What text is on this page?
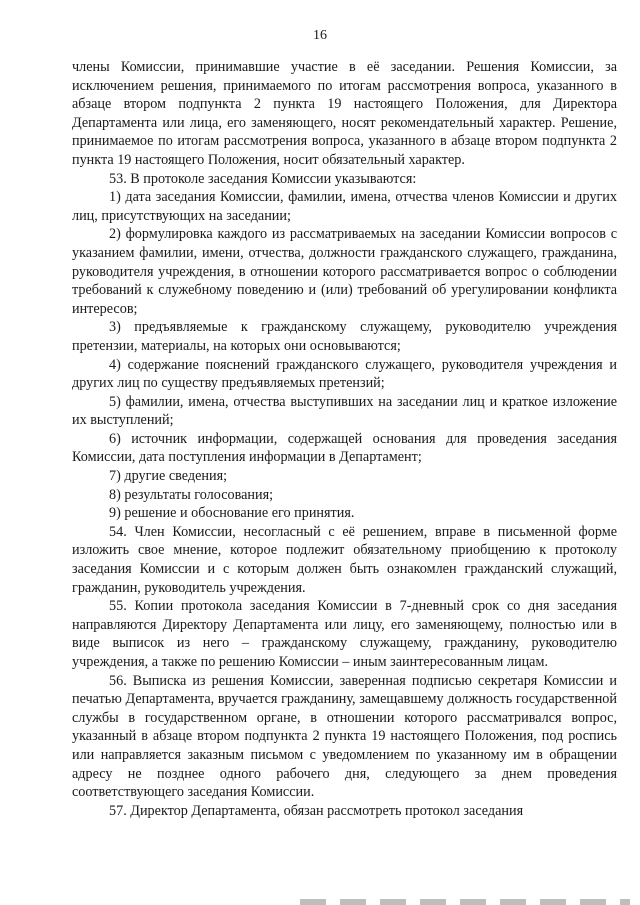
16

члены Комиссии, принимавшие участие в её заседании. Решения Комиссии, за исключением решения, принимаемого по итогам рассмотрения вопроса, указанного в абзаце втором подпункта 2 пункта 19 настоящего Положения, для Директора Департамента или лица, его заменяющего, носят рекомендательный характер. Решение, принимаемое по итогам рассмотрения вопроса, указанного в абзаце втором подпункта 2 пункта 19 настоящего Положения, носит обязательный характер.

53. В протоколе заседания Комиссии указываются:

1) дата заседания Комиссии, фамилии, имена, отчества членов Комиссии и других лиц, присутствующих на заседании;

2) формулировка каждого из рассматриваемых на заседании Комиссии вопросов с указанием фамилии, имени, отчества, должности гражданского служащего, гражданина, руководителя учреждения, в отношении которого рассматривается вопрос о соблюдении требований к служебному поведению и (или) требований об урегулировании конфликта интересов;

3) предъявляемые к гражданскому служащему, руководителю учреждения претензии, материалы, на которых они основываются;

4) содержание пояснений гражданского служащего, руководителя учреждения и других лиц по существу предъявляемых претензий;

5) фамилии, имена, отчества выступивших на заседании лиц и краткое изложение их выступлений;

6) источник информации, содержащей основания для проведения заседания Комиссии, дата поступления информации в Департамент;

7) другие сведения;

8) результаты голосования;

9) решение и обоснование его принятия.

54. Член Комиссии, несогласный с её решением, вправе в письменной форме изложить свое мнение, которое подлежит обязательному приобщению к протоколу заседания Комиссии и с которым должен быть ознакомлен гражданский служащий, гражданин, руководитель учреждения.

55. Копии протокола заседания Комиссии в 7-дневный срок со дня заседания направляются Директору Департамента или лицу, его заменяющему, полностью или в виде выписок из него – гражданскому служащему, гражданину, руководителю учреждения, а также по решению Комиссии – иным заинтересованным лицам.

56. Выписка из решения Комиссии, заверенная подписью секретаря Комиссии и печатью Департамента, вручается гражданину, замещавшему должность государственной службы в государственном органе, в отношении которого рассматривался вопрос, указанный в абзаце втором подпункта 2 пункта 19 настоящего Положения, под роспись или направляется заказным письмом с уведомлением по указанному им в обращении адресу не позднее одного рабочего дня, следующего за днем проведения соответствующего заседания Комиссии.

57. Директор Департамента, обязан рассмотреть протокол заседания
